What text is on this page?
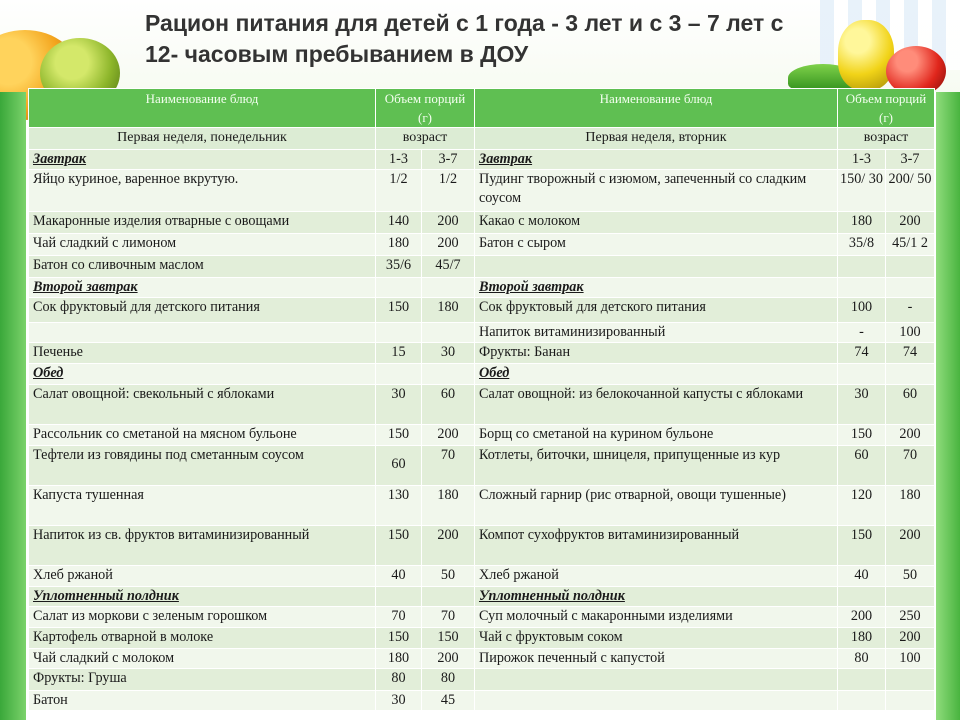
Рацион питания для детей с 1 года - 3 лет и с 3 – 7 лет с 12- часовым пребыванием в ДОУ
Наименование блюд	Объем порций (г)		Наименование блюд	Объем порций (г)	
Первая неделя, понедельник	возраст		Первая неделя, вторник	возраст	
Завтрак	1-3	3-7	Завтрак	1-3	3-7
Яйцо куриное, варенное вкрутую.	1/2	1/2	Пудинг творожный с изюмом, запеченный со сладким соусом	150/ 30	200/ 50
Макаронные изделия отварные с овощами	140	200	Какао с молоком	180	200
Чай сладкий с лимоном	180	200	Батон с сыром	35/8	45/1 2
Батон со сливочным маслом	35/6	45/7			
Второй завтрак			Второй завтрак		
Сок фруктовый для детского питания	150	180	Сок фруктовый для детского питания	100	-
			Напиток витаминизированный	-	100
Печенье	15	30	Фрукты: Банан	74	74
Обед			Обед		
Салат овощной: свекольный с яблоками	30	60	Салат овощной: из белокочанной капусты с яблоками	30	60
Рассольник со сметаной на мясном бульоне	150	200	Борщ со сметаной на курином бульоне	150	200
Тефтели из говядины под сметанным соусом	60	70	Котлеты, биточки, шницеля, припущенные из кур	60	70
Капуста тушенная	130	180	Сложный гарнир (рис отварной, овощи тушенные)	120	180
Напиток из св. фруктов витаминизированный	150	200	Компот сухофруктов витаминизированный	150	200
Хлеб ржаной	40	50	Хлеб ржаной	40	50
Уплотненный полдник			Уплотненный полдник		
Салат из моркови с зеленым горошком	70	70	Суп молочный с макаронными изделиями	200	250
Картофель отварной в молоке	150	150	Чай с фруктовым соком	180	200
Чай сладкий с молоком	180	200	Пирожок печенный с капустой	80	100
Фрукты: Груша	80	80			
Батон	30	45			
